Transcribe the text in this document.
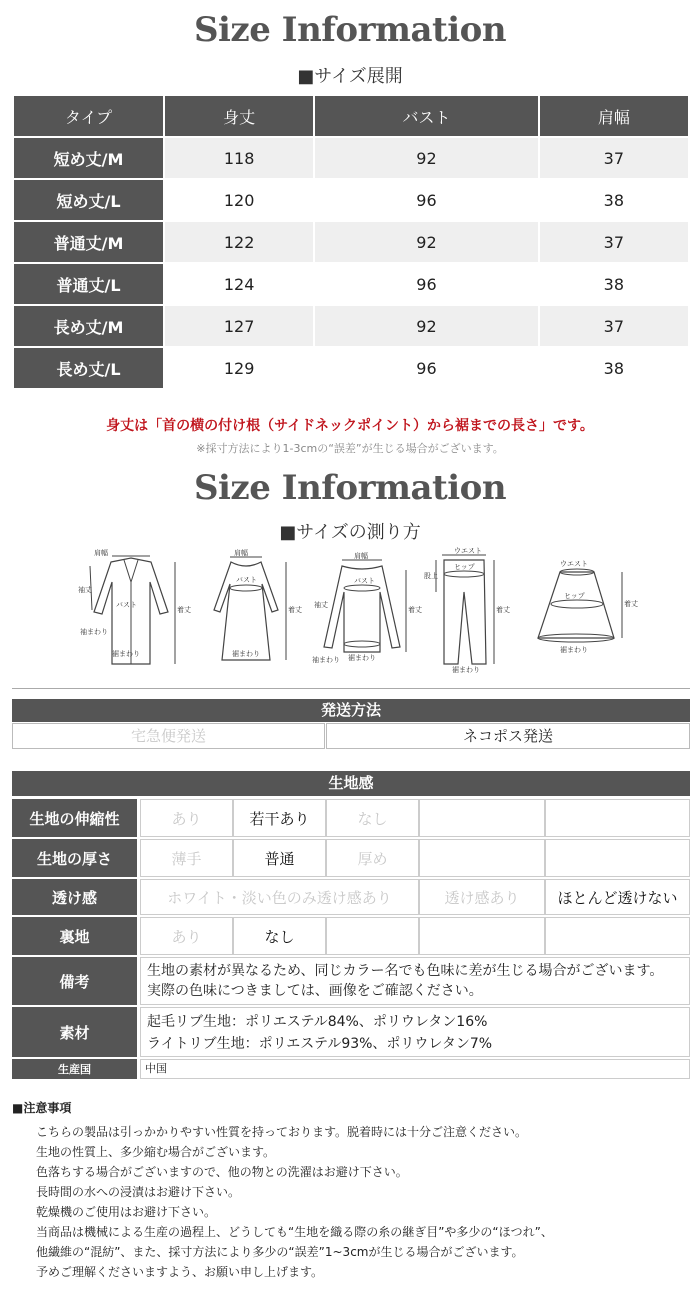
Size Information
■サイズ展開
タイプ	身丈	バスト	肩幅
短め丈/M	118	92	37
短め丈/L	120	96	38
普通丈/M	122	92	37
普通丈/L	124	96	38
長め丈/M	127	92	37
長め丈/L	129	96	38
身丈は「首の横の付け根（サイドネックポイント）から裾までの長さ」です。
※採寸方法により1-3cmの“誤差”が生じる場合がございます。
Size Information
■サイズの測り方
肩幅
バスト
着丈
袖丈
袖まわり
裾まわり
肩幅
バスト
着丈
裾まわり
肩幅
バスト
着丈
袖丈
袖まわり 裾まわり
ウエスト
ヒップ
着丈
股上
裾まわり
ウエスト
ヒップ
着丈
裾まわり
発送方法
宅急便発送	ネコポス発送
生地感
生地の伸縮性	あり	若干あり	なし
生地の厚さ	薄手	普通	厚め
透け感	ホワイト・淡い色のみ透け感あり	透け感あり	ほとんど透けない
裏地	あり	なし
備考
生地の素材が異なるため、同じカラー名でも色味に差が生じる場合がございます。
実際の色味につきましては、画像をご確認ください。
素材
起毛リブ生地：ポリエステル84%、ポリウレタン16%
ライトリブ生地：ポリエステル93%、ポリウレタン7%
生産国	中国
■注意事項
こちらの製品は引っかかりやすい性質を持っております。脱着時には十分ご注意ください。
生地の性質上、多少縮む場合がございます。
色落ちする場合がございますので、他の物との洗濯はお避け下さい。
長時間の水への浸漬はお避け下さい。
乾燥機のご使用はお避け下さい。
当商品は機械による生産の過程上、どうしても“生地を織る際の糸の継ぎ目”や多少の“ほつれ”、
他繊維の“混紡”、また、採寸方法により多少の“誤差”1~3cmが生じる場合がございます。
予めご理解くださいますよう、お願い申し上げます。
